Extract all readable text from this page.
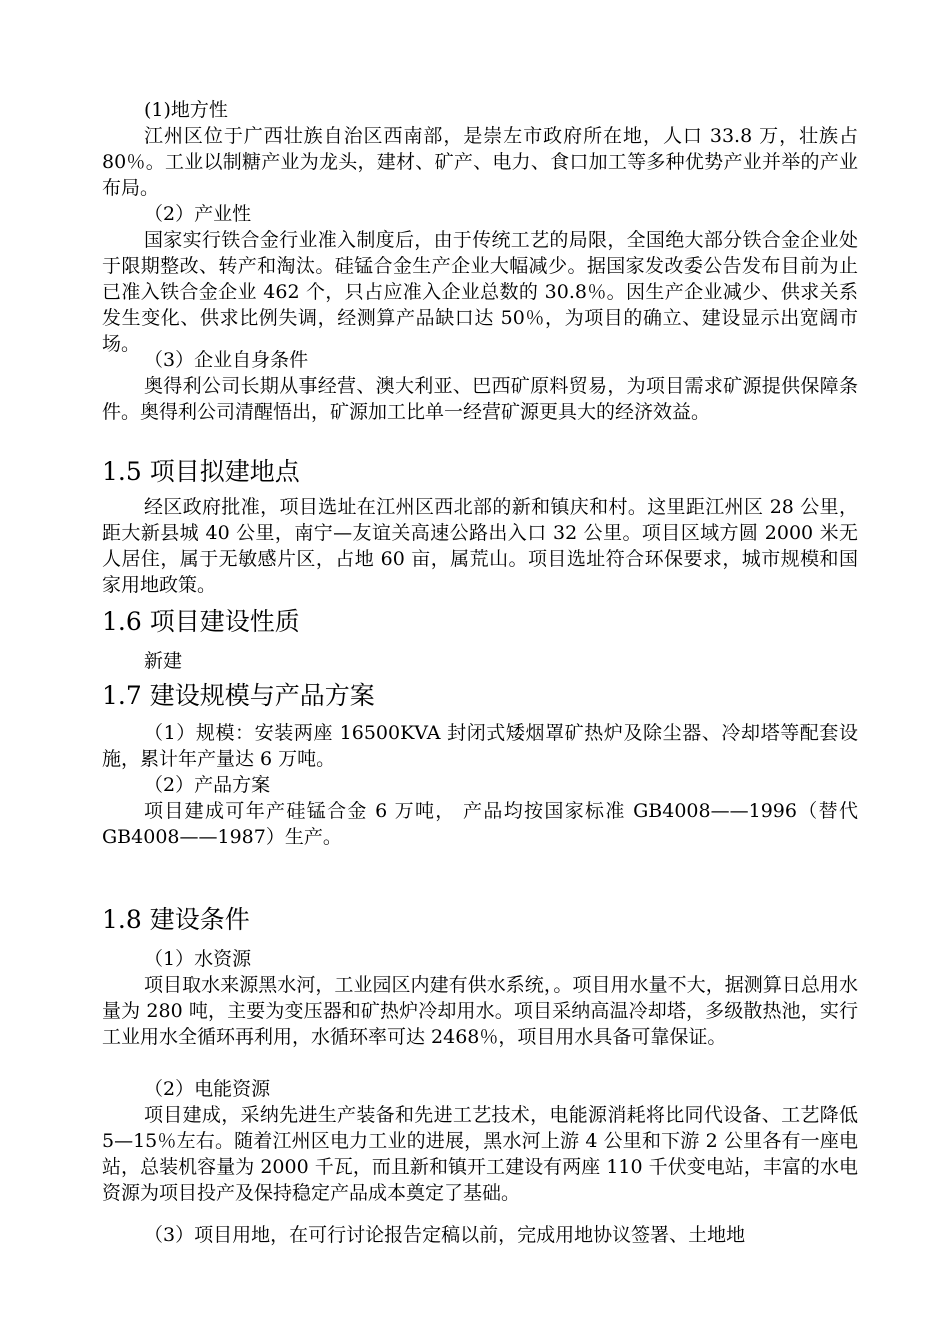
(1)地方性

江州区位于广西壮族自治区西南部，是崇左市政府所在地，人口 33.8 万，壮族占 80％。工业以制糖产业为龙头，建材、矿产、电力、食口加工等多种优势产业并举的产业布局。

（2）产业性

国家实行铁合金行业准入制度后，由于传统工艺的局限，全国绝大部分铁合金企业处于限期整改、转产和淘汰。硅锰合金生产企业大幅减少。据国家发改委公告发布目前为止已准入铁合金企业 462 个，只占应准入企业总数的 30.8％。因生产企业减少、供求关系发生变化、供求比例失调，经测算产品缺口达 50％，为项目的确立、建设显示出宽阔市场。

（3）企业自身条件

奥得利公司长期从事经营、澳大利亚、巴西矿原料贸易，为项目需求矿源提供保障条件。奥得利公司清醒悟出，矿源加工比单一经营矿源更具大的经济效益。

1.5 项目拟建地点

经区政府批准，项目选址在江州区西北部的新和镇庆和村。这里距江州区 28 公里，距大新县城 40 公里，南宁—友谊关高速公路出入口 32 公里。项目区域方圆 2000 米无人居住，属于无敏感片区，占地 60 亩，属荒山。项目选址符合环保要求，城市规模和国家用地政策。

1.6 项目建设性质

新建

1.7 建设规模与产品方案

（1）规模：安装两座 16500KVA 封闭式矮烟罩矿热炉及除尘器、冷却塔等配套设施，累计年产量达 6 万吨。

（2）产品方案

项目建成可年产硅锰合金 6 万吨， 产品均按国家标准 GB4008——1996（替代 GB4008——1987）生产。

1.8 建设条件

（1）水资源

项目取水来源黑水河，工业园区内建有供水系统，。项目用水量不大，据测算日总用水量为 280 吨，主要为变压器和矿热炉冷却用水。项目采纳高温冷却塔，多级散热池，实行工业用水全循环再利用，水循环率可达 2468％，项目用水具备可靠保证。

（2）电能资源

项目建成，采纳先进生产装备和先进工艺技术，电能源消耗将比同代设备、工艺降低 5—15％左右。随着江州区电力工业的进展，黑水河上游 4 公里和下游 2 公里各有一座电站，总装机容量为 2000 千瓦，而且新和镇开工建设有两座 110 千伏变电站，丰富的水电资源为项目投产及保持稳定产品成本奠定了基础。

（3）项目用地，在可行讨论报告定稿以前，完成用地协议签署、土地地
